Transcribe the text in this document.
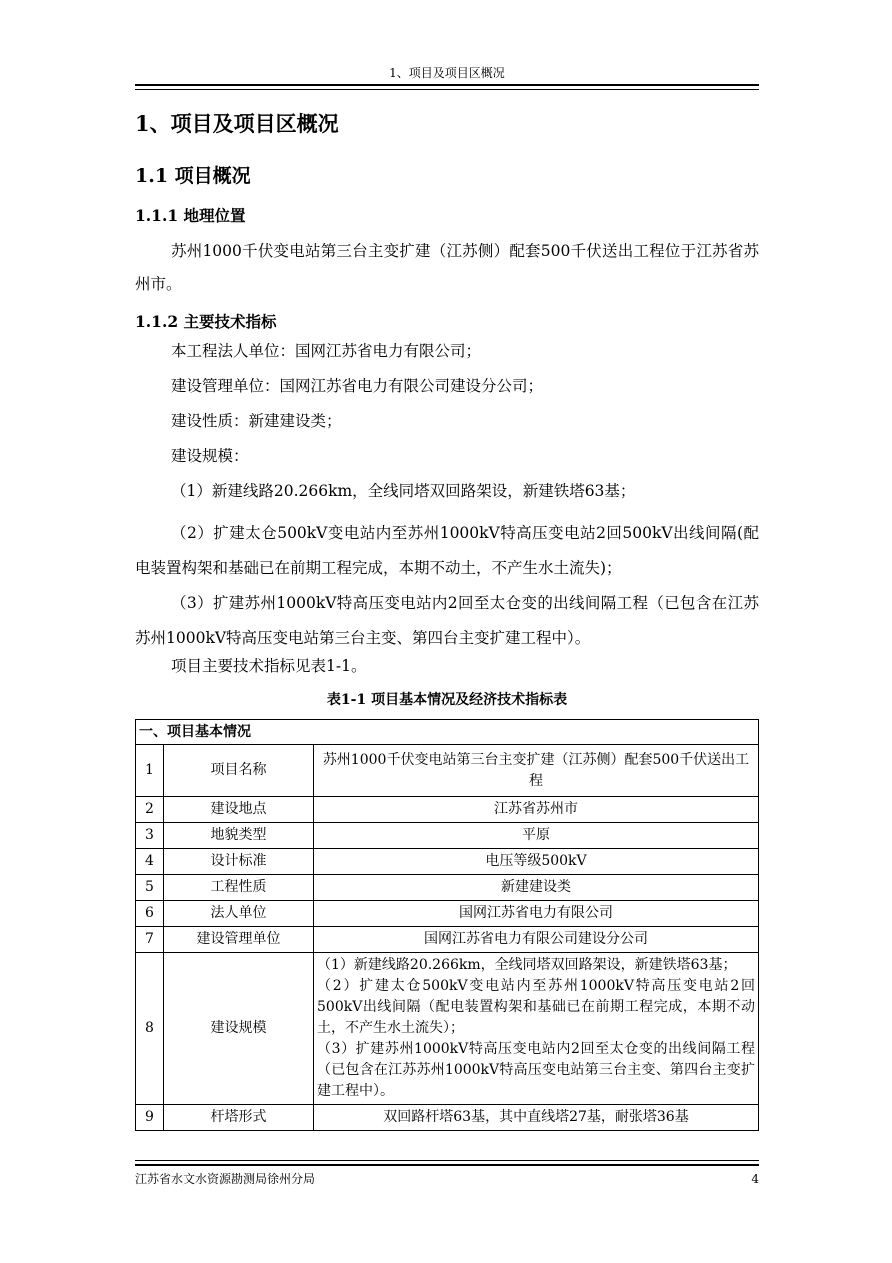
1、项目及项目区概况
1、项目及项目区概况
1.1 项目概况
1.1.1 地理位置
苏州1000千伏变电站第三台主变扩建（江苏侧）配套500千伏送出工程位于江苏省苏州市。
1.1.2 主要技术指标
本工程法人单位：国网江苏省电力有限公司；
建设管理单位：国网江苏省电力有限公司建设分公司；
建设性质：新建建设类；
建设规模：
（1）新建线路20.266km，全线同塔双回路架设，新建铁塔63基；
（2）扩建太仓500kV变电站内至苏州1000kV特高压变电站2回500kV出线间隔(配电装置构架和基础已在前期工程完成，本期不动土，不产生水土流失)；
（3）扩建苏州1000kV特高压变电站内2回至太仓变的出线间隔工程（已包含在江苏苏州1000kV特高压变电站第三台主变、第四台主变扩建工程中）。
项目主要技术指标见表1-1。
表1-1 项目基本情况及经济技术指标表
一、项目基本情况		
1	项目名称	苏州1000千伏变电站第三台主变扩建（江苏侧）配套500千伏送出工程
2	建设地点	江苏省苏州市
3	地貌类型	平原
4	设计标准	电压等级500kV
5	工程性质	新建建设类
6	法人单位	国网江苏省电力有限公司
7	建设管理单位	国网江苏省电力有限公司建设分公司
8	建设规模	（1）新建线路20.266km，全线同塔双回路架设，新建铁塔63基；
（2）扩建太仓500kV变电站内至苏州1000kV特高压变电站2回500kV出线间隔（配电装置构架和基础已在前期工程完成，本期不动土，不产生水土流失）；
（3）扩建苏州1000kV特高压变电站内2回至太仓变的出线间隔工程（已包含在江苏苏州1000kV特高压变电站第三台主变、第四台主变扩建工程中）。

9	杆塔形式	双回路杆塔63基，其中直线塔27基，耐张塔36基
江苏省水文水资源勘测局徐州分局	4
